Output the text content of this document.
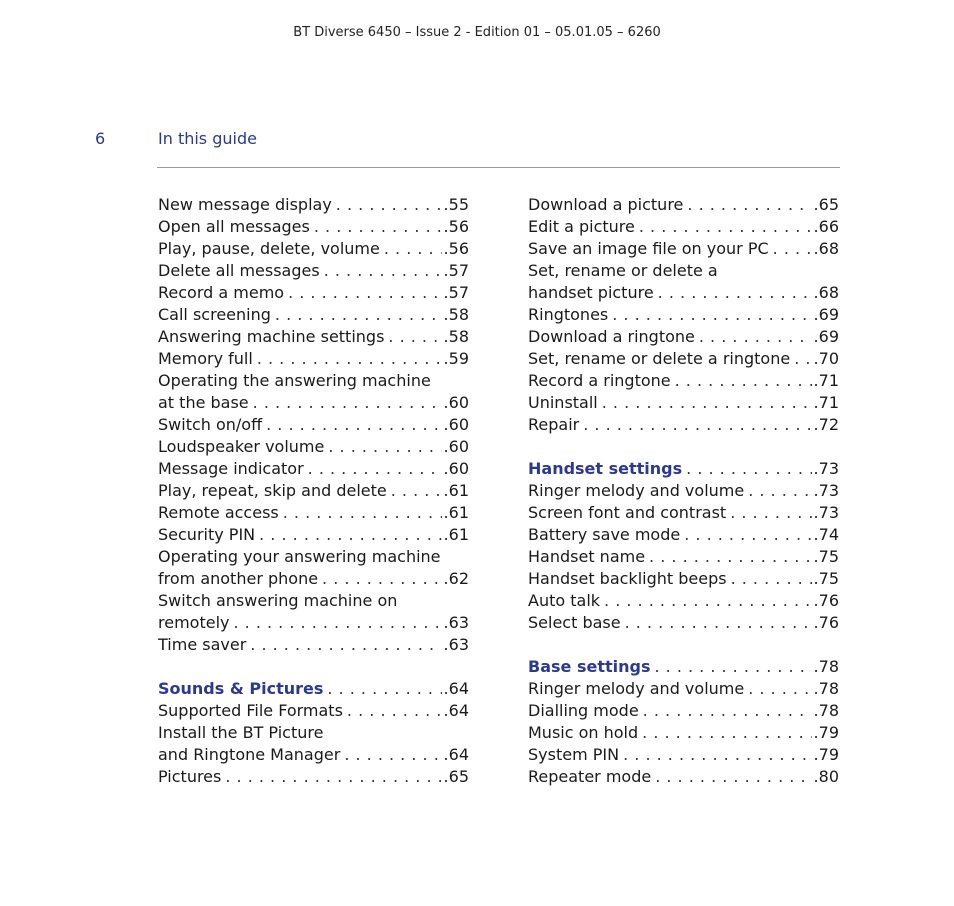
BT Diverse 6450 – Issue 2 - Edition 01 – 05.01.05 – 6260
6	In this guide
New message display . . .	.55
Open all messages . . .	.56
Play, pause, delete, volume . . .	.56
Delete all messages . . .	.57
Record a memo . . .	.57
Call screening . . .	.58
Answering machine settings . . .	.58
Memory full . . .	.59
Operating the answering machine
at the base . . .	.60
Switch on/off . . .	.60
Loudspeaker volume . . .	.60
Message indicator . . .	.60
Play, repeat, skip and delete . . .	.61
Remote access . . .	.61
Security PIN . . .	.61
Operating your answering machine
from another phone . . .	.62
Switch answering machine on
remotely . . .	.63
Time saver . . .	.63
Sounds & Pictures . . .	.64
Supported File Formats . . .	.64
Install the BT Picture
and Ringtone Manager . . .	.64
Pictures . . .	.65
Download a picture . . .	.65
Edit a picture . . .	.66
Save an image file on your PC . . .	.68
Set, rename or delete a
handset picture . . .	.68
Ringtones . . .	.69
Download a ringtone . . .	.69
Set, rename or delete a ringtone . . . .70
Record a ringtone . . .	.71
Uninstall . . .	.71
Repair . . .	.72
Handset settings . . .	.73
Ringer melody and volume . . .	.73
Screen font and contrast . . .	.73
Battery save mode . . .	.74
Handset name . . .	.75
Handset backlight beeps . . .	.75
Auto talk . . .	.76
Select base . . .	.76
Base settings . . .	.78
Ringer melody and volume . . .	.78
Dialling mode . . .	.78
Music on hold . . .	.79
System PIN . . .	.79
Repeater mode . . .	.80
